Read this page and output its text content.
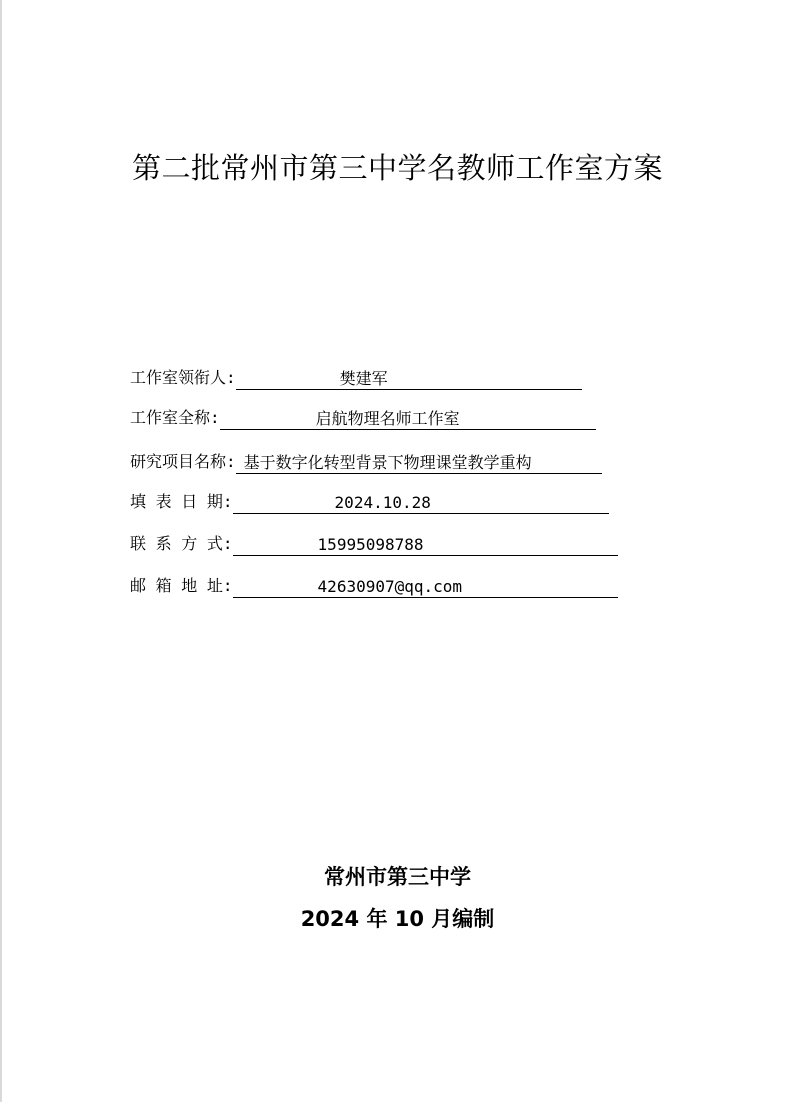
第二批常州市第三中学名教师工作室方案
工作室领衔人:	樊建军
工作室全称:	启航物理名师工作室
研究项目名称: 基于数字化转型背景下物理课堂教学重构
填 表 日 期:	2024.10.28
联 系 方 式:	15995098788
邮 箱 地 址:	42630907@qq.com
常州市第三中学
2024 年 10 月编制
